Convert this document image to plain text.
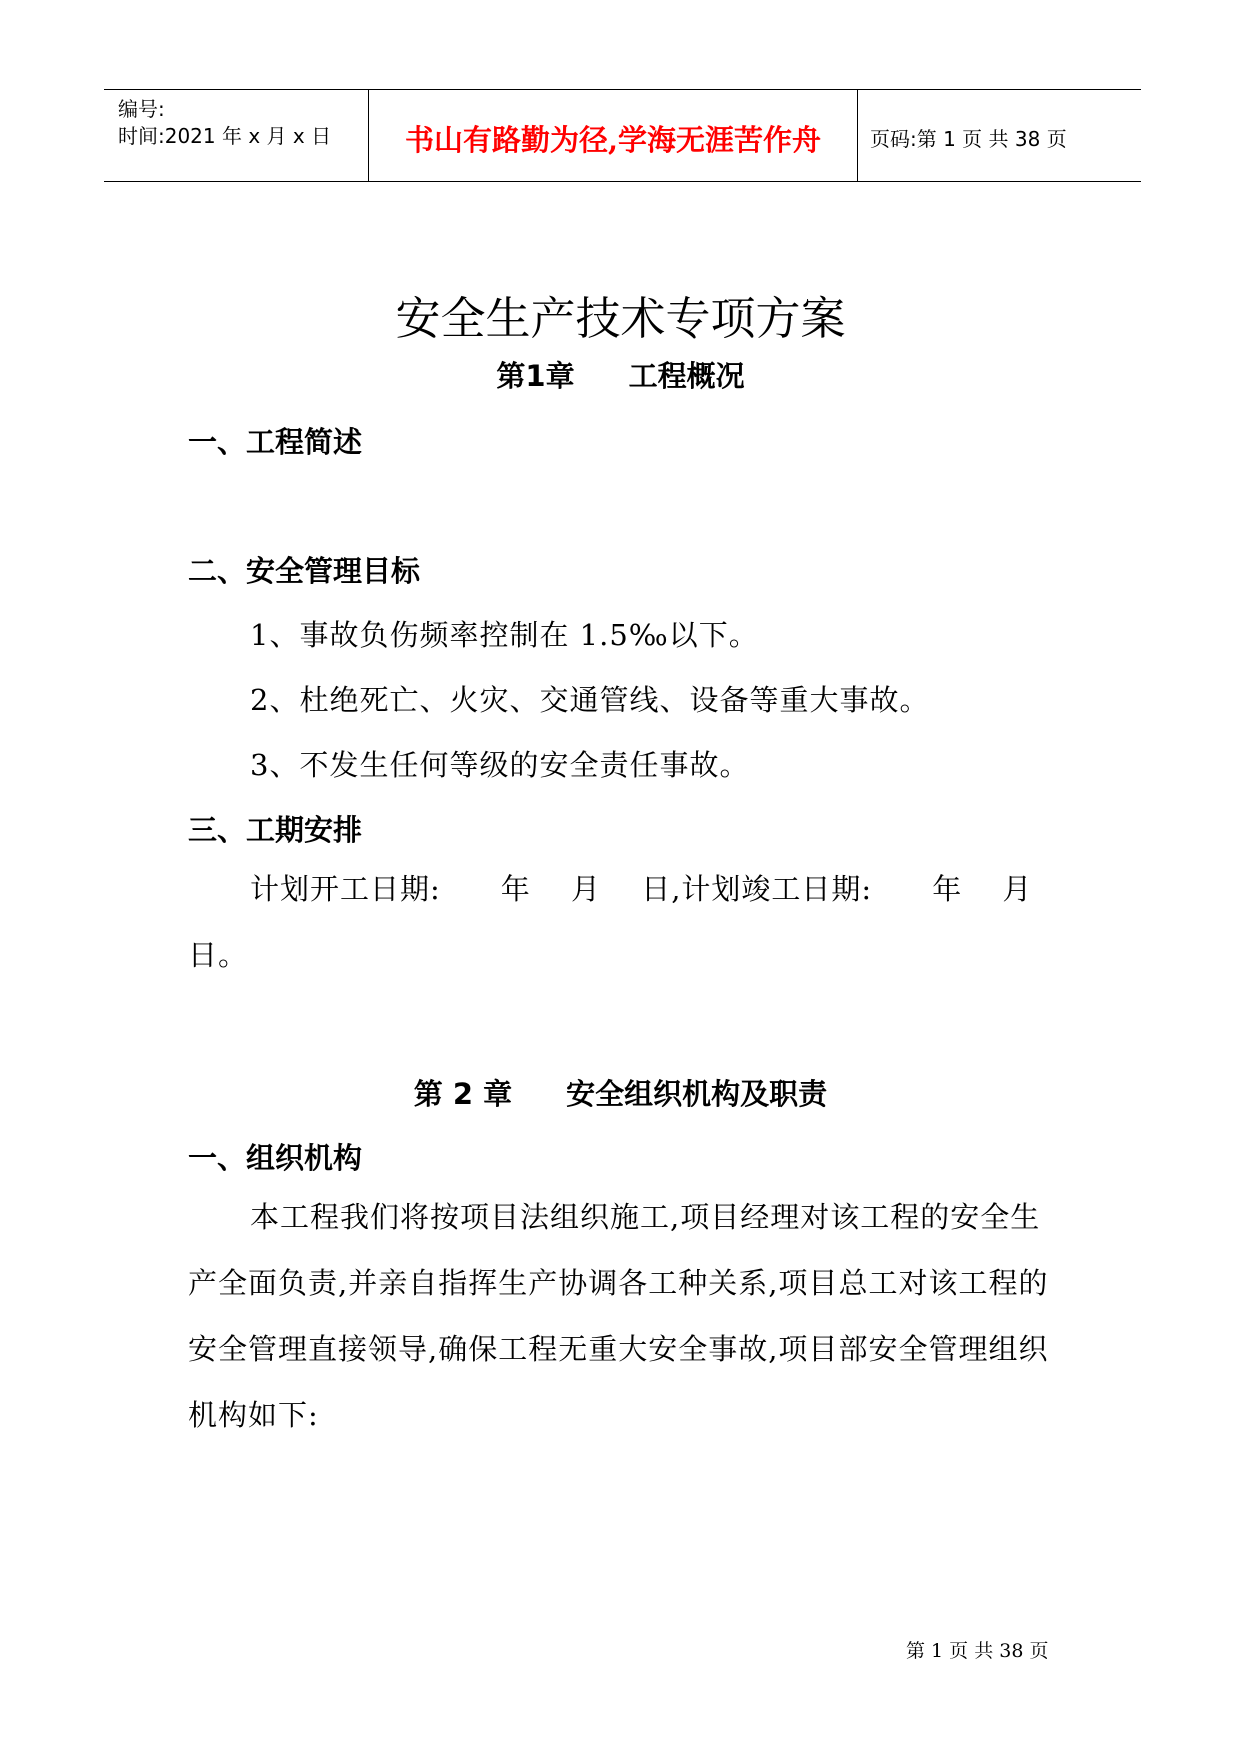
编号:
时间:2021 年 x 月 x 日	书山有路勤为径,学海无涯苦作舟	页码:第 1 页 共 38 页
安全生产技术专项方案
第1章 工程概况
一、工程简述
二、安全管理目标
1、事故负伤频率控制在 1.5‰以下。
2、杜绝死亡、火灾、交通管线、设备等重大事故。
3、不发生任何等级的安全责任事故。
三、工期安排
计划开工日期:　　年　 月　 日,计划竣工日期:　　年　 月日。
第 2 章 安全组织机构及职责
一、组织机构
本工程我们将按项目法组织施工,项目经理对该工程的安全生产全面负责,并亲自指挥生产协调各工种关系,项目总工对该工程的安全管理直接领导,确保工程无重大安全事故,项目部安全管理组织机构如下:
第 1 页 共 38 页
